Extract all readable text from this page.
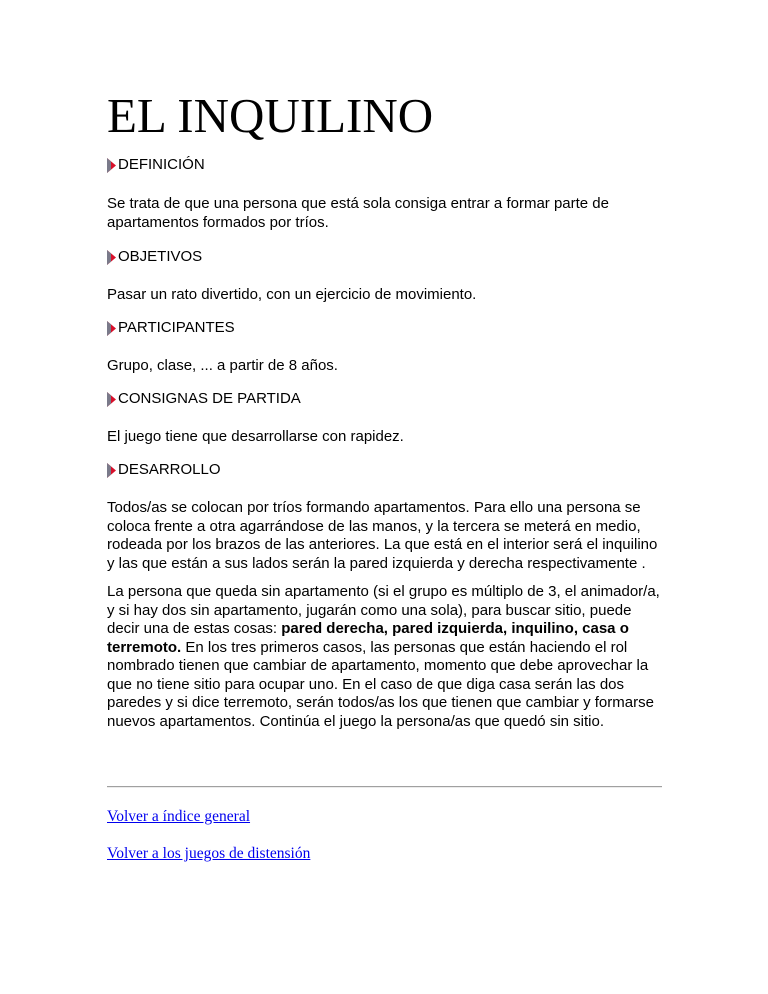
EL INQUILINO
DEFINICIÓN

Se trata de que una persona que está sola consiga entrar a formar parte de apartamentos formados por tríos.

OBJETIVOS

Pasar un rato divertido, con un ejercicio de movimiento.

PARTICIPANTES

Grupo, clase, ... a partir de 8 años.

CONSIGNAS DE PARTIDA

El juego tiene que desarrollarse con rapidez.

DESARROLLO

Todos/as se colocan por tríos formando apartamentos. Para ello una persona se coloca frente a otra agarrándose de las manos, y la tercera se meterá en medio, rodeada por los brazos de las anteriores. La que está en el interior será el inquilino y las que están a sus lados serán la pared izquierda y derecha respectivamente .

La persona que queda sin apartamento (si el grupo es múltiplo de 3, el animador/a, y si hay dos sin apartamento, jugarán como una sola), para buscar sitio, puede decir una de estas cosas: pared derecha, pared izquierda, inquilino, casa o terremoto. En los tres primeros casos, las personas que están haciendo el rol nombrado tienen que cambiar de apartamento, momento que debe aprovechar la que no tiene sitio para ocupar uno. En el caso de que diga casa serán las dos paredes y si dice terremoto, serán todos/as los que tienen que cambiar y formarse nuevos apartamentos. Continúa el juego la persona/as que quedó sin sitio.

Volver a índice general
Volver a los juegos de distensión
